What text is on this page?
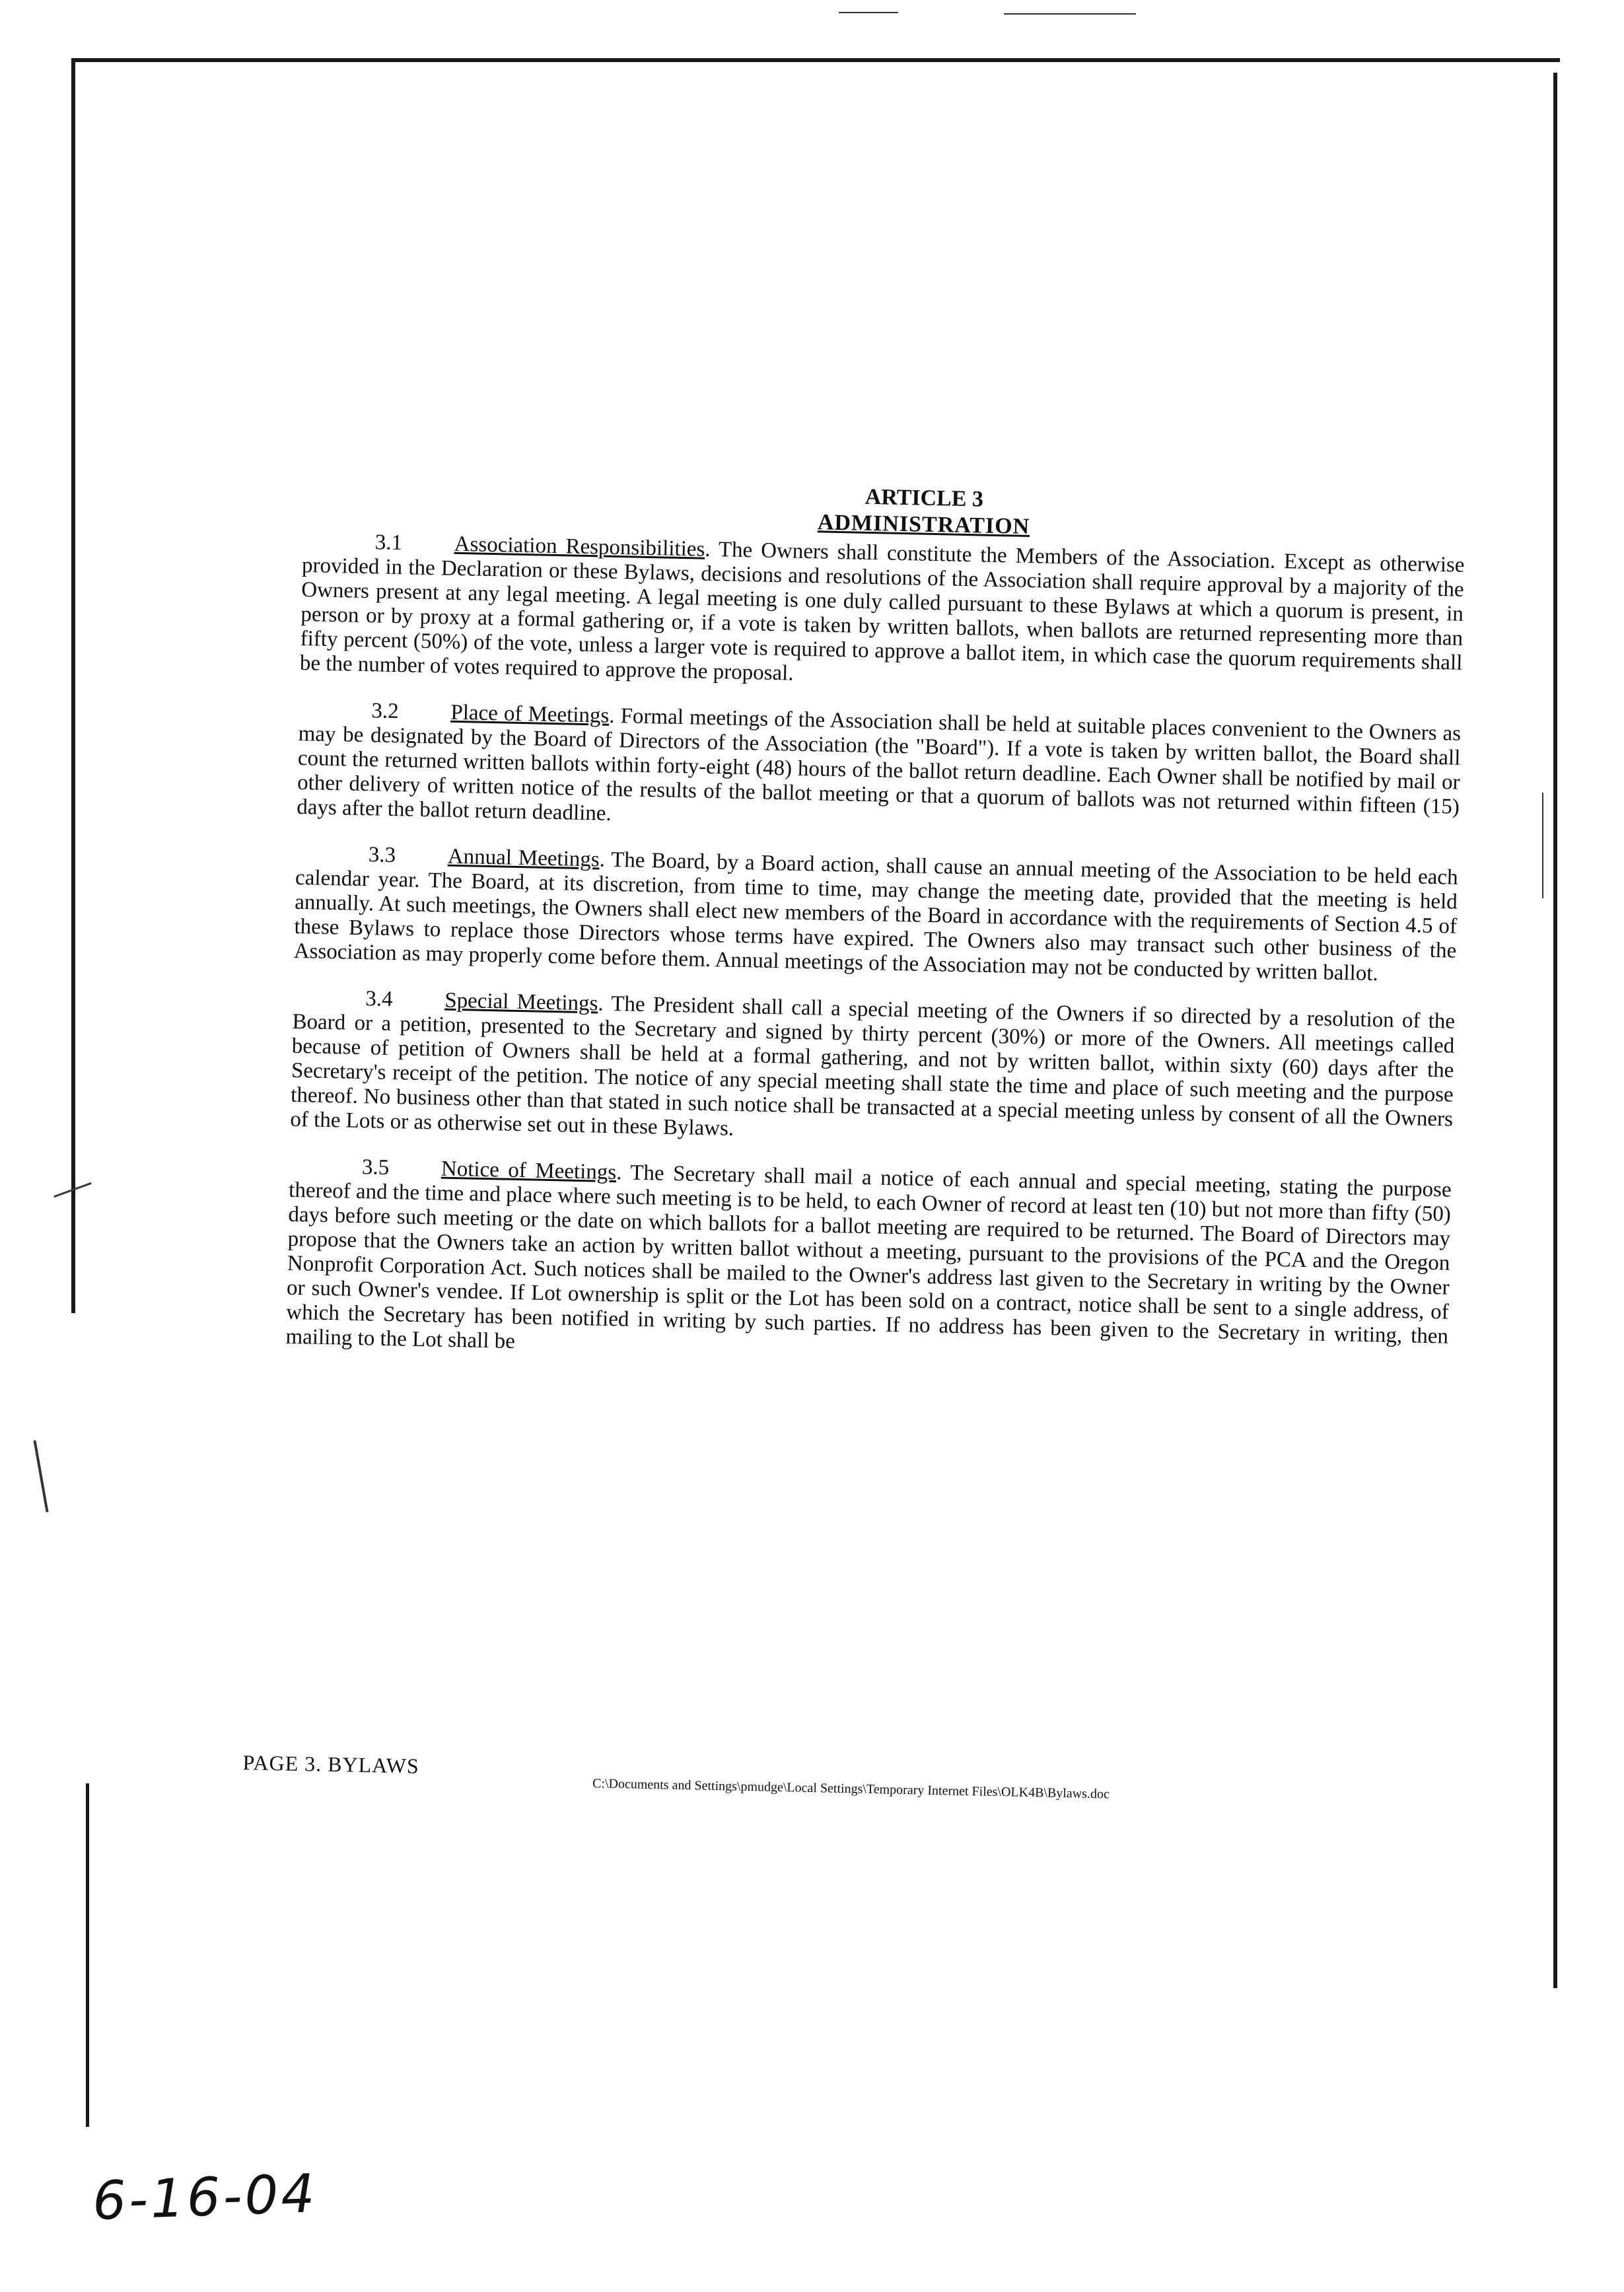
ARTICLE 3
ADMINISTRATION

3.1 Association Responsibilities. The Owners shall constitute the Members of the Association. Except as otherwise provided in the Declaration or these Bylaws, decisions and resolutions of the Association shall require approval by a majority of the Owners present at any legal meeting. A legal meeting is one duly called pursuant to these Bylaws at which a quorum is present, in person or by proxy at a formal gathering or, if a vote is taken by written ballots, when ballots are returned representing more than fifty percent (50%) of the vote, unless a larger vote is required to approve a ballot item, in which case the quorum requirements shall be the number of votes required to approve the proposal.

3.2 Place of Meetings. Formal meetings of the Association shall be held at suitable places convenient to the Owners as may be designated by the Board of Directors of the Association (the "Board"). If a vote is taken by written ballot, the Board shall count the returned written ballots within forty-eight (48) hours of the ballot return deadline. Each Owner shall be notified by mail or other delivery of written notice of the results of the ballot meeting or that a quorum of ballots was not returned within fifteen (15) days after the ballot return deadline.

3.3 Annual Meetings. The Board, by a Board action, shall cause an annual meeting of the Association to be held each calendar year. The Board, at its discretion, from time to time, may change the meeting date, provided that the meeting is held annually. At such meetings, the Owners shall elect new members of the Board in accordance with the requirements of Section 4.5 of these Bylaws to replace those Directors whose terms have expired. The Owners also may transact such other business of the Association as may properly come before them. Annual meetings of the Association may not be conducted by written ballot.

3.4 Special Meetings. The President shall call a special meeting of the Owners if so directed by a resolution of the Board or a petition, presented to the Secretary and signed by thirty percent (30%) or more of the Owners. All meetings called because of petition of Owners shall be held at a formal gathering, and not by written ballot, within sixty (60) days after the Secretary's receipt of the petition. The notice of any special meeting shall state the time and place of such meeting and the purpose thereof. No business other than that stated in such notice shall be transacted at a special meeting unless by consent of all the Owners of the Lots or as otherwise set out in these Bylaws.

3.5 Notice of Meetings. The Secretary shall mail a notice of each annual and special meeting, stating the purpose thereof and the time and place where such meeting is to be held, to each Owner of record at least ten (10) but not more than fifty (50) days before such meeting or the date on which ballots for a ballot meeting are required to be returned. The Board of Directors may propose that the Owners take an action by written ballot without a meeting, pursuant to the provisions of the PCA and the Oregon Nonprofit Corporation Act. Such notices shall be mailed to the Owner's address last given to the Secretary in writing by the Owner or such Owner's vendee. If Lot ownership is split or the Lot has been sold on a contract, notice shall be sent to a single address, of which the Secretary has been notified in writing by such parties. If no address has been given to the Secretary in writing, then mailing to the Lot shall be

PAGE 3. BYLAWS
C:\Documents and Settings\pmudge\Local Settings\Temporary Internet Files\OLK4B\Bylaws.doc
6-16-04
